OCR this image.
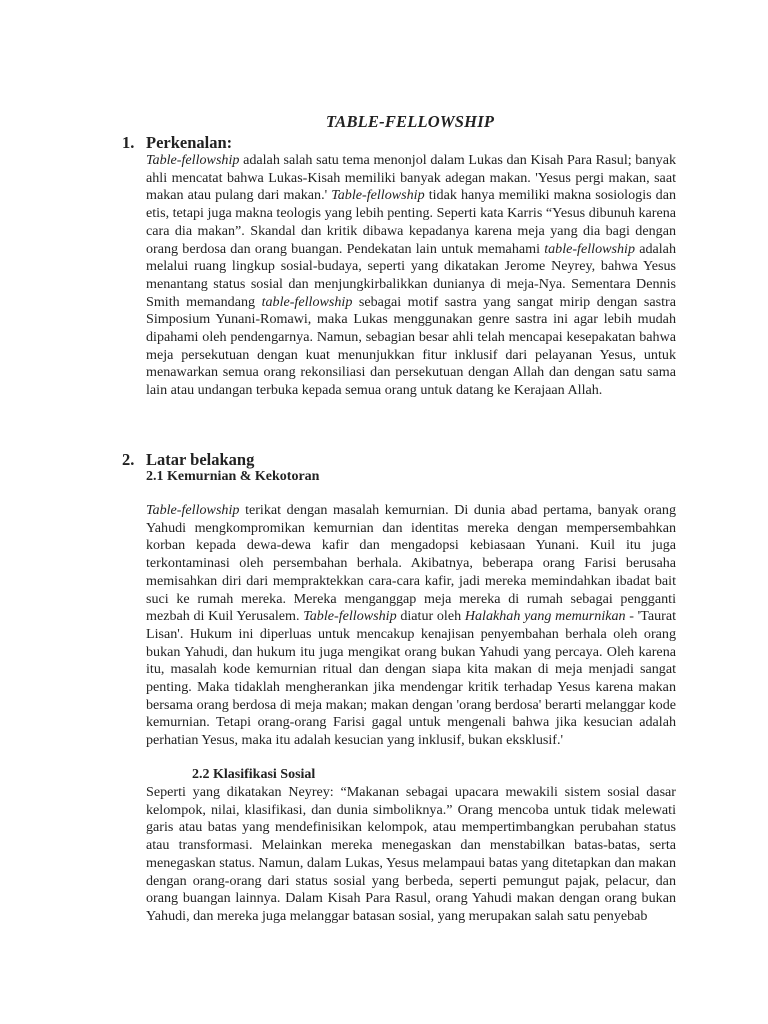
TABLE-FELLOWSHIP
1. Perkenalan:

Table-fellowship adalah salah satu tema menonjol dalam Lukas dan Kisah Para Rasul; banyak ahli mencatat bahwa Lukas-Kisah memiliki banyak adegan makan. 'Yesus pergi makan, saat makan atau pulang dari makan.' Table-fellowship tidak hanya memiliki makna sosiologis dan etis, tetapi juga makna teologis yang lebih penting. Seperti kata Karris “Yesus dibunuh karena cara dia makan”. Skandal dan kritik dibawa kepadanya karena meja yang dia bagi dengan orang berdosa dan orang buangan. Pendekatan lain untuk memahami table-fellowship adalah melalui ruang lingkup sosial-budaya, seperti yang dikatakan Jerome Neyrey, bahwa Yesus menantang status sosial dan menjungkirbalikkan dunianya di meja-Nya. Sementara Dennis Smith memandang table-fellowship sebagai motif sastra yang sangat mirip dengan sastra Simposium Yunani-Romawi, maka Lukas menggunakan genre sastra ini agar lebih mudah dipahami oleh pendengarnya. Namun, sebagian besar ahli telah mencapai kesepakatan bahwa meja persekutuan dengan kuat menunjukkan fitur inklusif dari pelayanan Yesus, untuk menawarkan semua orang rekonsiliasi dan persekutuan dengan Allah dan dengan satu sama lain atau undangan terbuka kepada semua orang untuk datang ke Kerajaan Allah.

2. Latar belakang
2.1 Kemurnian & Kekotoran

Table-fellowship terikat dengan masalah kemurnian. Di dunia abad pertama, banyak orang Yahudi mengkompromikan kemurnian dan identitas mereka dengan mempersembahkan korban kepada dewa-dewa kafir dan mengadopsi kebiasaan Yunani. Kuil itu juga terkontaminasi oleh persembahan berhala. Akibatnya, beberapa orang Farisi berusaha memisahkan diri dari mempraktekkan cara-cara kafir, jadi mereka memindahkan ibadat bait suci ke rumah mereka. Mereka menganggap meja mereka di rumah sebagai pengganti mezbah di Kuil Yerusalem. Table-fellowship diatur oleh Halakhah yang memurnikan - 'Taurat Lisan'. Hukum ini diperluas untuk mencakup kenajisan penyembahan berhala oleh orang bukan Yahudi, dan hukum itu juga mengikat orang bukan Yahudi yang percaya. Oleh karena itu, masalah kode kemurnian ritual dan dengan siapa kita makan di meja menjadi sangat penting. Maka tidaklah mengherankan jika mendengar kritik terhadap Yesus karena makan bersama orang berdosa di meja makan; makan dengan 'orang berdosa' berarti melanggar kode kemurnian. Tetapi orang-orang Farisi gagal untuk mengenali bahwa jika kesucian adalah perhatian Yesus, maka itu adalah kesucian yang inklusif, bukan eksklusif.'

2.2 Klasifikasi Sosial

Seperti yang dikatakan Neyrey: “Makanan sebagai upacara mewakili sistem sosial dasar kelompok, nilai, klasifikasi, dan dunia simboliknya.” Orang mencoba untuk tidak melewati garis atau batas yang mendefinisikan kelompok, atau mempertimbangkan perubahan status atau transformasi. Melainkan mereka menegaskan dan menstabilkan batas-batas, serta menegaskan status. Namun, dalam Lukas, Yesus melampaui batas yang ditetapkan dan makan dengan orang-orang dari status sosial yang berbeda, seperti pemungut pajak, pelacur, dan orang buangan lainnya. Dalam Kisah Para Rasul, orang Yahudi makan dengan orang bukan Yahudi, dan mereka juga melanggar batasan sosial, yang merupakan salah satu penyebab
